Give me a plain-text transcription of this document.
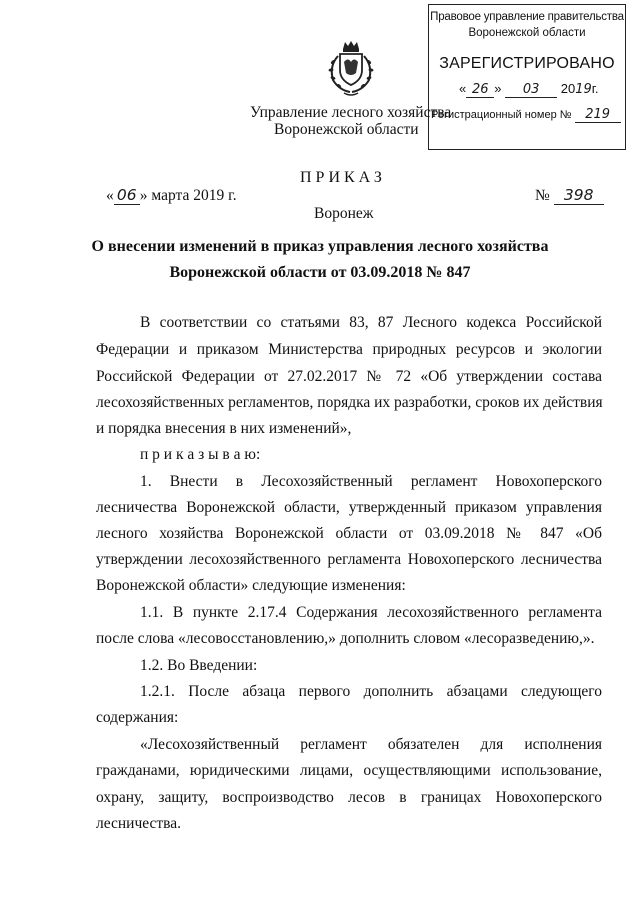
Правовое управление правительства
Воронежской области
ЗАРЕГИСТРИРОВАНО
« 26 » 03 2019г.
Регистрационный номер № 219
Управление лесного хозяйства
Воронежской области
ПРИКАЗ
« 06 » марта 2019 г.	№ 398
Воронеж
О внесении изменений в приказ управления лесного хозяйства
Воронежской области от 03.09.2018 № 847
В соответствии со статьями 83, 87 Лесного кодекса Российской
Федерации и приказом Министерства природных ресурсов и экологии
Российской Федерации от 27.02.2017 № 72 «Об утверждении состава
лесохозяйственных регламентов, порядка их разработки, сроков их действия
и порядка внесения в них изменений»,
п р и к а з ы в а ю:
1. Внести в Лесохозяйственный регламент Новохоперского
лесничества Воронежской области, утвержденный приказом управления
лесного хозяйства Воронежской области от 03.09.2018 № 847 «Об
утверждении лесохозяйственного регламента Новохоперского лесничества
Воронежской области» следующие изменения:
1.1. В пункте 2.17.4 Содержания лесохозяйственного регламента
после слова «лесовосстановлению,» дополнить словом «лесоразведению,».
1.2. Во Введении:
1.2.1. После абзаца первого дополнить абзацами следующего
содержания:
«Лесохозяйственный регламент обязателен для исполнения
гражданами, юридическими лицами, осуществляющими использование,
охрану, защиту, воспроизводство лесов в границах Новохоперского
лесничества.
